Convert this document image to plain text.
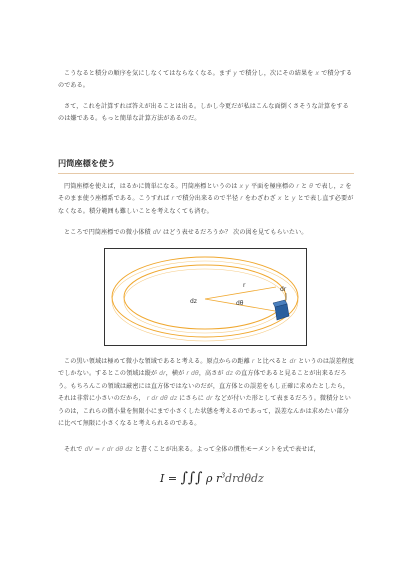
こうなると積分の順序を気にしなくてはならなくなる。まず y で積分し，次にその結果を x で積分するのである。

さて，これを計算すれば答えが出ることは出る。しかし今更だが私はこんな面倒くさそうな計算をするのは嫌である。もっと簡単な計算方法があるのだ。

円筒座標を使う

円筒座標を使えば，はるかに簡単になる。円筒座標というのは x y 平面を極座標の r と θ で表し，z をそのまま使う座標系である。こうすれば r で積分出来るので半径 r をわざわざ x と y とで表し直す必要がなくなる。積分範囲も難しいことを考えなくても済む。

ところで円筒座標での微小体積 dV はどう表せるだろうか？ 次の図を見てもらいたい。

dz
r
dθ
dr

この黒い領域は極めて微小な領域であると考える。原点からの距離 r と比べると dr というのは誤差程度でしかない。するとこの領域は縦が dr，横が r dθ，高さが dz の直方体であると見ることが出来るだろう。もちろんこの領域は厳密には直方体ではないのだが，直方体との誤差をもし正確に求めたとしたら，それは非常に小さいのだから， r dr dθ dz にさらに dr などが付いた形として表まるだろう。微積分というのは，これらの微小量を無限小にまで小さくした状態を考えるのであって，誤差なんかは求めたい部分に比べて無限に小さくなると考えられるのである。

それで dV = r dr dθ dz と書くことが出来る。よって全体の慣性モーメントを式で表せば，

I = ∫∫∫ ρ $r^3drd\theta dz$
